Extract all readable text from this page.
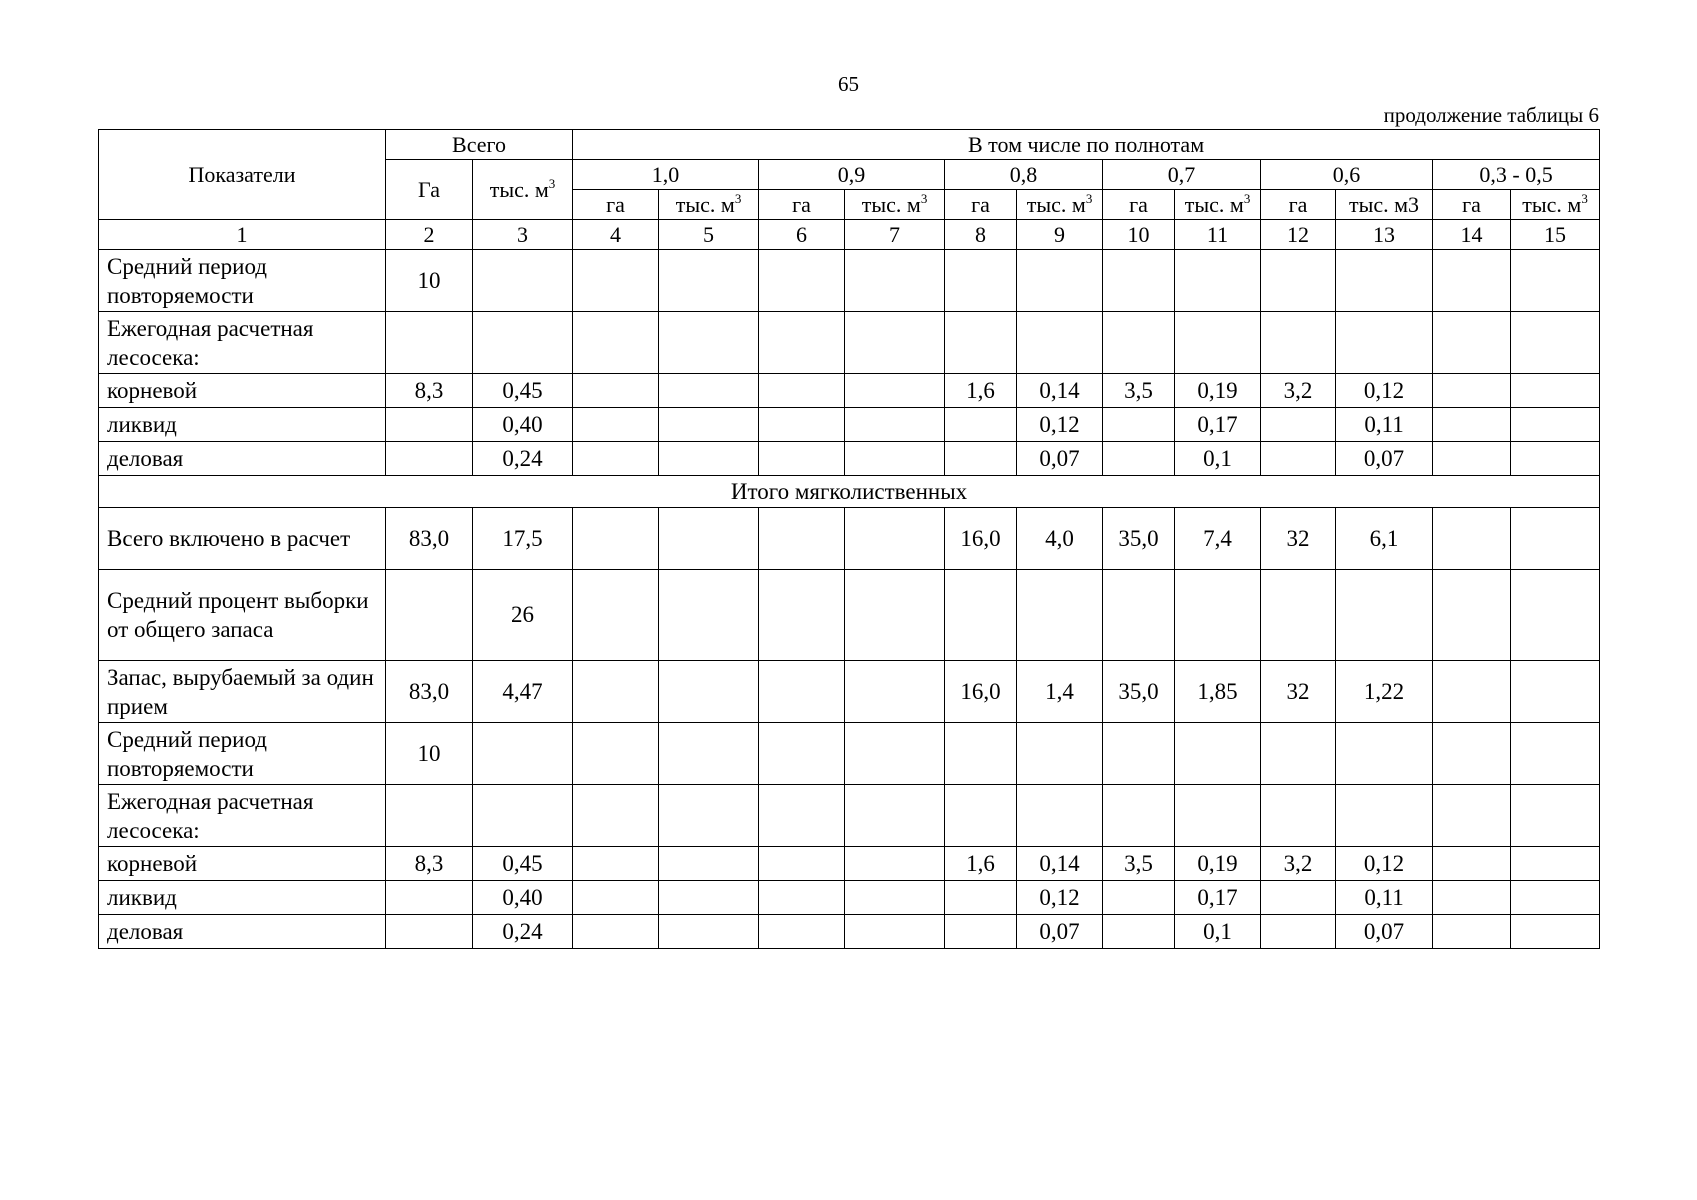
65
продолжение таблицы 6
Показатели	Всего		В том числе по полнотам											
	Га	тыс. $м^3$	1,0		0,9		0,8		0,7		0,6		0,3 - 0,5	
			га	тыс. $м^3$	га	тыс. $м^3$	га	тыс. $м^3$	га	тыс. $м^3$	га	тыс. м3	га	тыс. $м^3$
1	2	3	4	5	6	7	8	9	10	11	12	13	14	15
Средний период повторяемости	10													
Ежегодная расчетная лесосека:														
корневой	8,3	0,45					1,6	0,14	3,5	0,19	3,2	0,12		
ликвид		0,40						0,12		0,17		0,11		
деловая		0,24						0,07		0,1		0,07		
Итого мягколиственных														
Всего включено в расчет	83,0	17,5					16,0	4,0	35,0	7,4	32	6,1		
Средний процент выборки от общего запаса		26												
Запас, вырубаемый за один прием	83,0	4,47					16,0	1,4	35,0	1,85	32	1,22		
Средний период повторяемости	10													
Ежегодная расчетная лесосека:														
корневой	8,3	0,45					1,6	0,14	3,5	0,19	3,2	0,12		
ликвид		0,40						0,12		0,17		0,11		
деловая		0,24						0,07		0,1		0,07		
